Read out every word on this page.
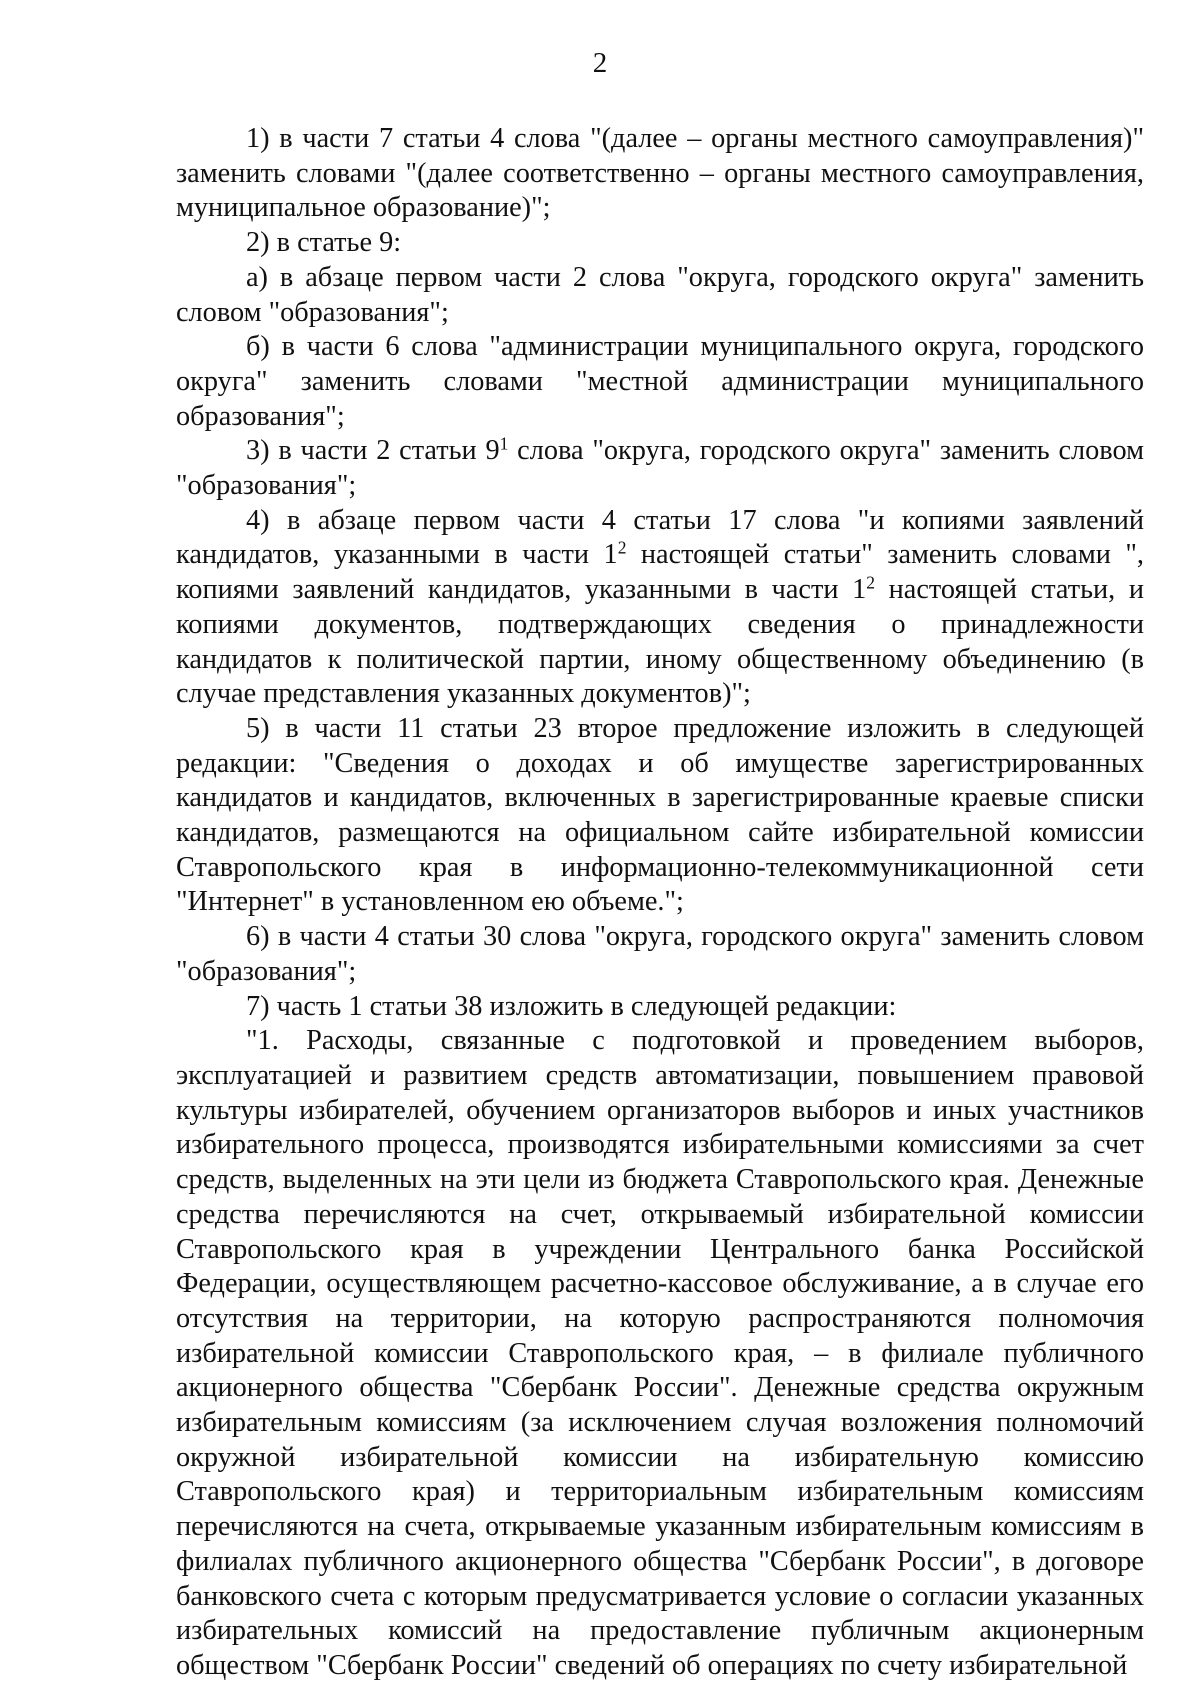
2

1) в части 7 статьи 4 слова "(далее – органы местного самоуправления)" заменить словами "(далее соответственно – органы местного самоуправления, муниципальное образование)";

2) в статье 9:

а) в абзаце первом части 2 слова "округа, городского округа" заменить словом "образования";

б) в части 6 слова "администрации муниципального округа, городского округа" заменить словами "местной администрации муниципального образования";

3) в части 2 статьи $9^1$ слова "округа, городского округа" заменить словом "образования";

4) в абзаце первом части 4 статьи 17 слова "и копиями заявлений кандидатов, указанными в части $1^2$ настоящей статьи" заменить словами ", копиями заявлений кандидатов, указанными в части $1^2$ настоящей статьи, и копиями документов, подтверждающих сведения о принадлежности кандидатов к политической партии, иному общественному объединению (в случае представления указанных документов)";

5) в части 11 статьи 23 второе предложение изложить в следующей редакции: "Сведения о доходах и об имуществе зарегистрированных кандидатов и кандидатов, включенных в зарегистрированные краевые списки кандидатов, размещаются на официальном сайте избирательной комиссии Ставропольского края в информационно-телекоммуникационной сети "Интернет" в установленном ею объеме.";

6) в части 4 статьи 30 слова "округа, городского округа" заменить словом "образования";

7) часть 1 статьи 38 изложить в следующей редакции:

"1. Расходы, связанные с подготовкой и проведением выборов, эксплуатацией и развитием средств автоматизации, повышением правовой культуры избирателей, обучением организаторов выборов и иных участников избирательного процесса, производятся избирательными комиссиями за счет средств, выделенных на эти цели из бюджета Ставропольского края. Денежные средства перечисляются на счет, открываемый избирательной комиссии Ставропольского края в учреждении Центрального банка Российской Федерации, осуществляющем расчетно-кассовое обслуживание, а в случае его отсутствия на территории, на которую распространяются полномочия избирательной комиссии Ставропольского края, – в филиале публичного акционерного общества "Сбербанк России". Денежные средства окружным избирательным комиссиям (за исключением случая возложения полномочий окружной избирательной комиссии на избирательную комиссию Ставропольского края) и территориальным избирательным комиссиям перечисляются на счета, открываемые указанным избирательным комиссиям в филиалах публичного акционерного общества "Сбербанк России", в договоре банковского счета с которым предусматривается условие о согласии указанных избирательных комиссий на предоставление публичным акционерным обществом "Сбербанк России" сведений об операциях по счету избирательной
